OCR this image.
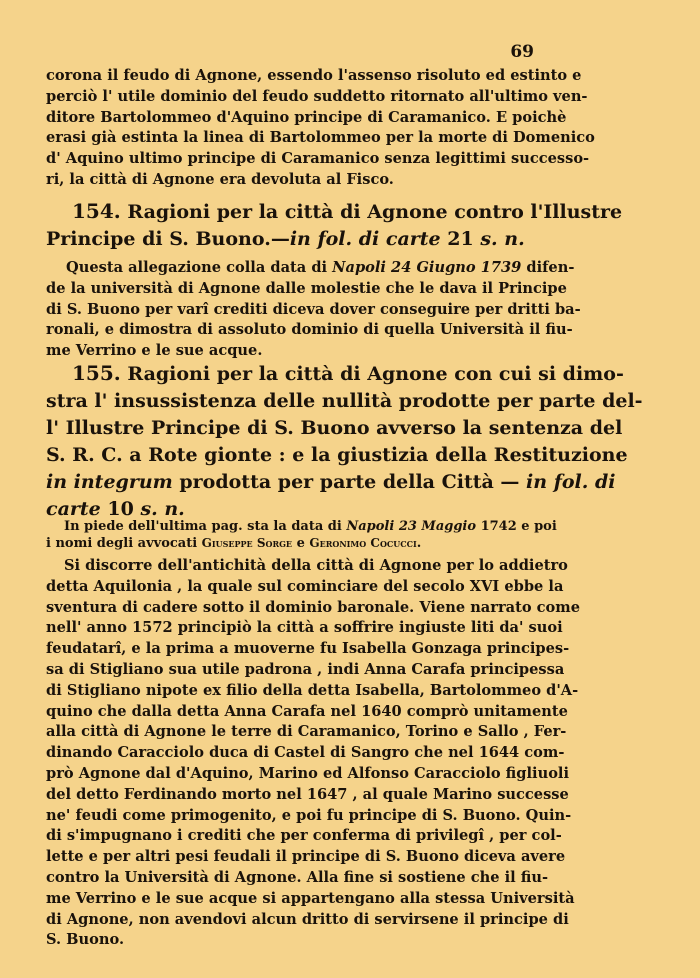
69
corona il feudo di Agnone, essendo l'assenso risoluto ed estinto e
perciò l' utile dominio del feudo suddetto ritornato all'ultimo ven-
ditore Bartolommeo d'Aquino principe di Caramanico. E poichè
erasi già estinta la linea di Bartolommeo per la morte di Domenico
d' Aquino ultimo principe di Caramanico senza legittimi successo-
ri, la città di Agnone era devoluta al Fisco.
154. Ragioni per la città di Agnone contro l'Illustre
Principe di S. Buono.—in fol. di carte 21 s. n.
Questa allegazione colla data di Napoli 24 Giugno 1739 difen-
de la università di Agnone dalle molestie che le dava il Principe
di S. Buono per varî crediti diceva dover conseguire per dritti ba-
ronali, e dimostra di assoluto dominio di quella Università il fiu-
me Verrino e le sue acque.
155. Ragioni per la città di Agnone con cui si dimo-
stra l' insussistenza delle nullità prodotte per parte del-
l' Illustre Principe di S. Buono avverso la sentenza del
S. R. C. a Rote gionte : e la giustizia della Restituzione
in integrum prodotta per parte della Città — in fol. di
carte 10 s. n.
In piede dell'ultima pag. sta la data di Napoli 23 Maggio 1742 e poi
i nomi degli avvocati Giuseppe Sorge e Geronimo Cocucci.
Si discorre dell'antichità della città di Agnone per lo addietro
detta Aquilonia , la quale sul cominciare del secolo XVI ebbe la
sventura di cadere sotto il dominio baronale. Viene narrato come
nell' anno 1572 principiò la città a soffrire ingiuste liti da' suoi
feudatarî, e la prima a muoverne fu Isabella Gonzaga principes-
sa di Stigliano sua utile padrona , indi Anna Carafa principessa
di Stigliano nipote ex filio della detta Isabella, Bartolommeo d'A-
quino che dalla detta Anna Carafa nel 1640 comprò unitamente
alla città di Agnone le terre di Caramanico, Torino e Sallo , Fer-
dinando Caracciolo duca di Castel di Sangro che nel 1644 com-
prò Agnone dal d'Aquino, Marino ed Alfonso Caracciolo figliuoli
del detto Ferdinando morto nel 1647 , al quale Marino successe
ne' feudi come primogenito, e poi fu principe di S. Buono. Quin-
di s'impugnano i crediti che per conferma di privilegî , per col-
lette e per altri pesi feudali il principe di S. Buono diceva avere
contro la Università di Agnone. Alla fine si sostiene che il fiu-
me Verrino e le sue acque si appartengano alla stessa Università
di Agnone, non avendovi alcun dritto di servirsene il principe di
S. Buono.
